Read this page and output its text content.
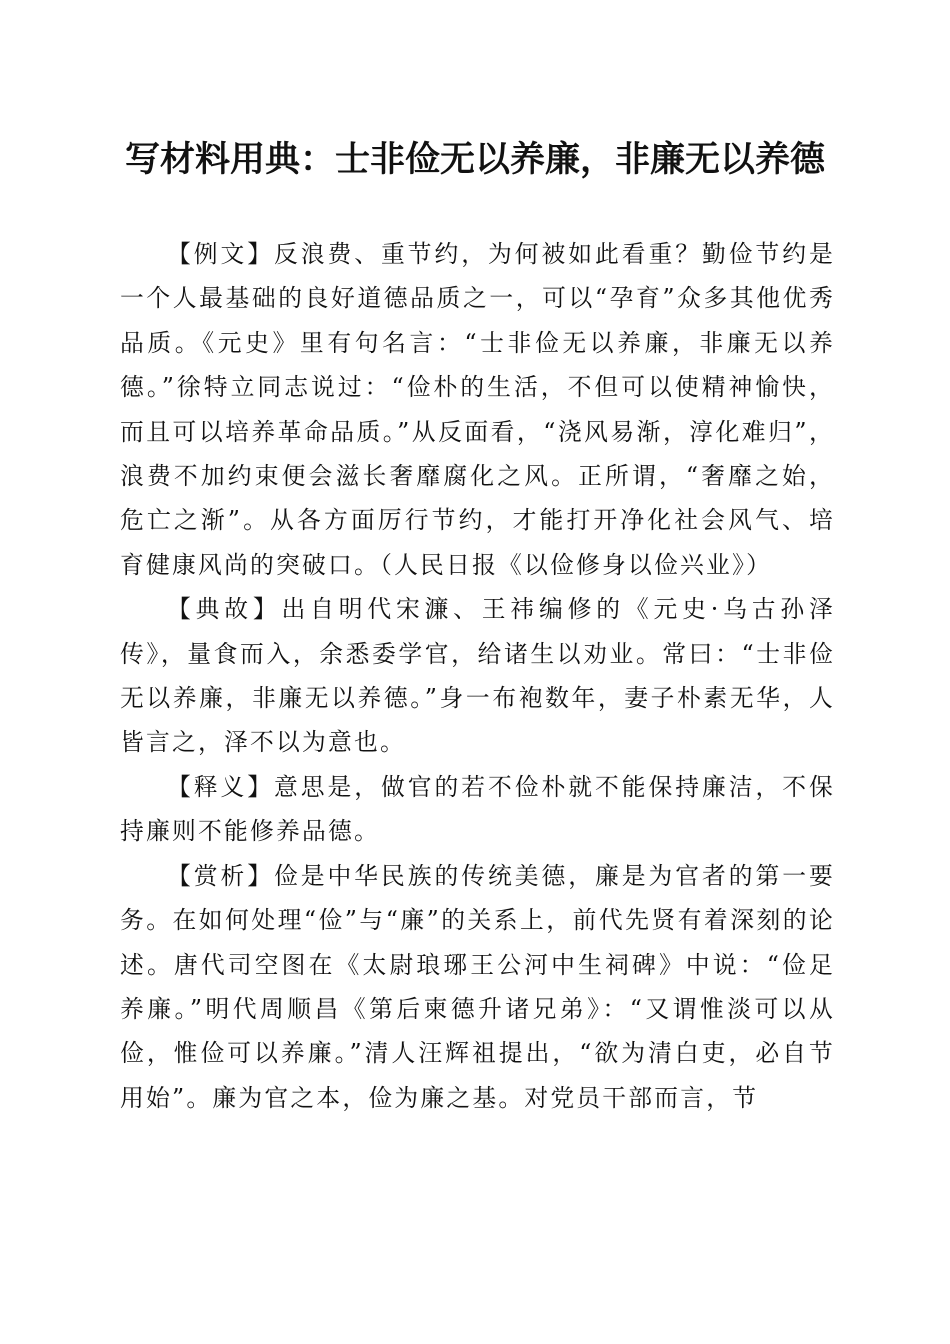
写材料用典：士非俭无以养廉，非廉无以养德

【例文】反浪费、重节约，为何被如此看重？勤俭节约是一个人最基础的良好道德品质之一，可以“孕育”众多其他优秀品质。《元史》里有句名言：“士非俭无以养廉，非廉无以养德。”徐特立同志说过：“俭朴的生活，不但可以使精神愉快，而且可以培养革命品质。”从反面看，“浇风易渐，淳化难归”，浪费不加约束便会滋长奢靡腐化之风。正所谓，“奢靡之始，危亡之渐”。从各方面厉行节约，才能打开净化社会风气、培育健康风尚的突破口。（人民日报《以俭修身以俭兴业》）

【典故】出自明代宋濂、王祎编修的《元史·乌古孙泽传》，量食而入，余悉委学官，给诸生以劝业。常曰：“士非俭无以养廉，非廉无以养德。”身一布袍数年，妻子朴素无华，人皆言之，泽不以为意也。

【释义】意思是，做官的若不俭朴就不能保持廉洁，不保持廉则不能修养品德。

【赏析】俭是中华民族的传统美德，廉是为官者的第一要务。在如何处理“俭”与“廉”的关系上，前代先贤有着深刻的论述。唐代司空图在《太尉琅琊王公河中生祠碑》中说：“俭足养廉。”明代周顺昌《第后柬德升诸兄弟》：“又谓惟淡可以从俭，惟俭可以养廉。”清人汪辉祖提出，“欲为清白吏，必自节用始”。廉为官之本，俭为廉之基。对党员干部而言，节
